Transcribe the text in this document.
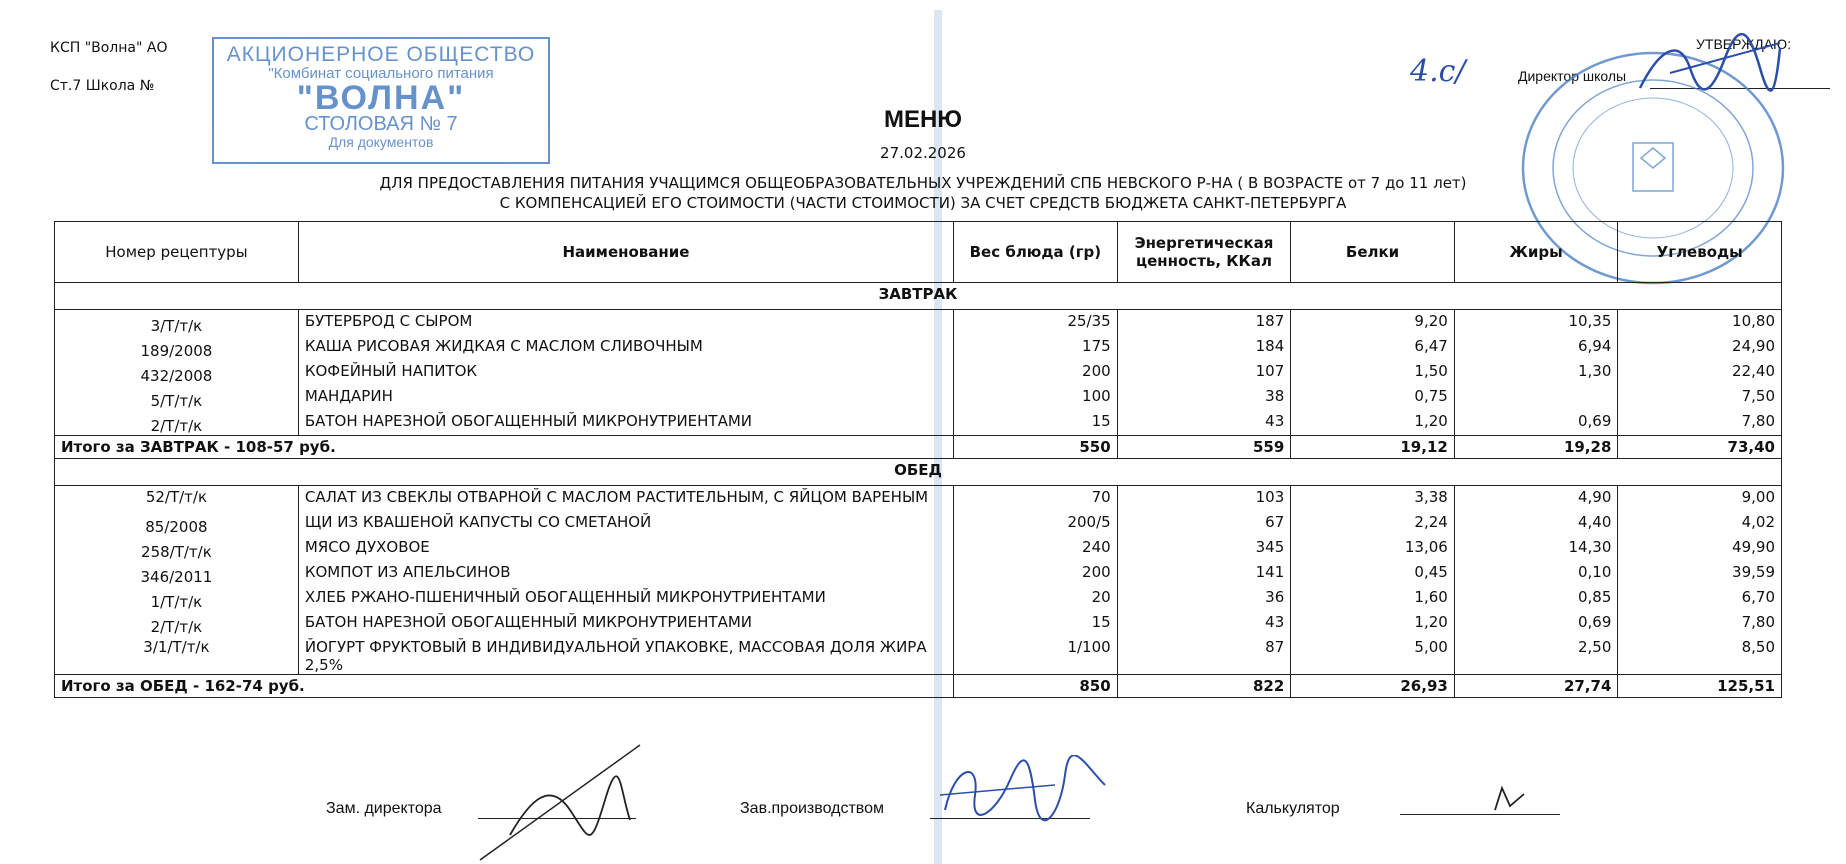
КСП "Волна" АО
Ст.7 Школа №
АКЦИОНЕРНОЕ ОБЩЕСТВО
"Комбинат социального питания
"ВОЛНА"
СТОЛОВАЯ № 7
Для документов
УТВЕРЖДАЮ:
Директор школы
4.с/
МЕНЮ
27.02.2026
ДЛЯ ПРЕДОСТАВЛЕНИЯ ПИТАНИЯ УЧАЩИМСЯ ОБЩЕОБРАЗОВАТЕЛЬНЫХ УЧРЕЖДЕНИЙ СПБ НЕВСКОГО Р-НА ( В ВОЗРАСТЕ от 7 до 11 лет)
С КОМПЕНСАЦИЕЙ ЕГО СТОИМОСТИ (ЧАСТИ СТОИМОСТИ) ЗА СЧЕТ СРЕДСТВ БЮДЖЕТА САНКТ-ПЕТЕРБУРГА
Номер рецептуры	Наименование	Вес блюда (гр)	Энергетическая ценность, ККал	Белки	Жиры	Углеводы
ЗАВТРАК						
3/Т/т/к	БУТЕРБРОД С СЫРОМ	25/35	187	9,20	10,35	10,80
189/2008	КАША РИСОВАЯ ЖИДКАЯ С МАСЛОМ СЛИВОЧНЫМ	175	184	6,47	6,94	24,90
432/2008	КОФЕЙНЫЙ НАПИТОК	200	107	1,50	1,30	22,40
5/Т/т/к	МАНДАРИН	100	38	0,75		7,50
2/Т/т/к	БАТОН НАРЕЗНОЙ ОБОГАЩЕННЫЙ МИКРОНУТРИЕНТАМИ	15	43	1,20	0,69	7,80
Итого за ЗАВТРАК - 108-57 руб.		550	559	19,12	19,28	73,40
ОБЕД						
52/Т/т/к	САЛАТ ИЗ СВЕКЛЫ ОТВАРНОЙ С МАСЛОМ РАСТИТЕЛЬНЫМ, С ЯЙЦОМ ВАРЕНЫМ	70	103	3,38	4,90	9,00
85/2008	ЩИ ИЗ КВАШЕНОЙ КАПУСТЫ СО СМЕТАНОЙ	200/5	67	2,24	4,40	4,02
258/Т/т/к	МЯСО ДУХОВОЕ	240	345	13,06	14,30	49,90
346/2011	КОМПОТ ИЗ АПЕЛЬСИНОВ	200	141	0,45	0,10	39,59
1/Т/т/к	ХЛЕБ РЖАНО-ПШЕНИЧНЫЙ ОБОГАЩЕННЫЙ МИКРОНУТРИЕНТАМИ	20	36	1,60	0,85	6,70
2/Т/т/к	БАТОН НАРЕЗНОЙ ОБОГАЩЕННЫЙ МИКРОНУТРИЕНТАМИ	15	43	1,20	0,69	7,80
3/1/Т/т/к	ЙОГУРТ ФРУКТОВЫЙ В ИНДИВИДУАЛЬНОЙ УПАКОВКЕ, МАССОВАЯ ДОЛЯ ЖИРА 2,5%	1/100	87	5,00	2,50	8,50
Итого за ОБЕД - 162-74 руб.		850	822	26,93	27,74	125,51
Зам. директора	Зав.производством	Калькулятор
